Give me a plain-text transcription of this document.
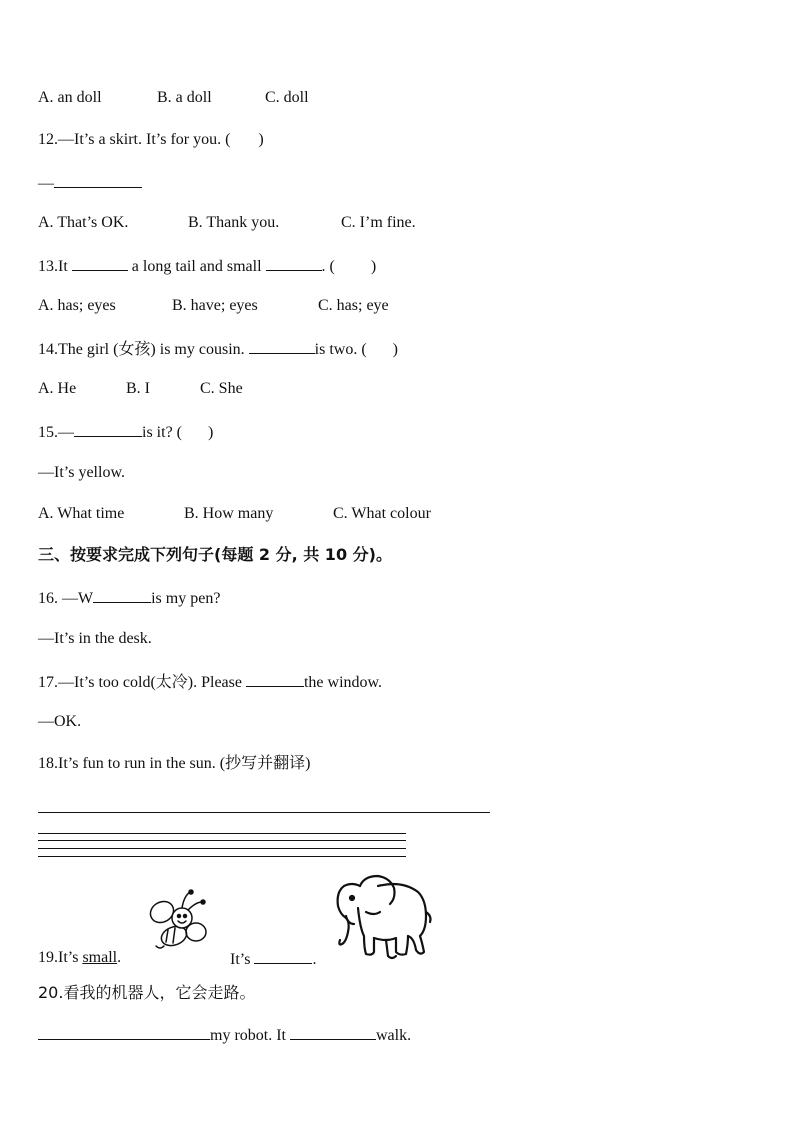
A. an doll	B. a doll	C. doll
12.—It’s a skirt. It’s for you. ( )
—
A. That’s OK.	B. Thank you.	C. I’m fine.
13.It	a long tail and small	. ( )
A. has; eyes	B. have; eyes	C. has; eye
14.The girl (女孩) is my cousin.	is two. ( )
A. He	B. I	C. She
15.—	is it? ( )
—It’s yellow.
A. What time	B. How many	C. What colour
三、按要求完成下列句子(每题 2 分, 共 10 分)。
16. —W	is my pen?
—It’s in the desk.
17.—It’s too cold(太冷). Please	the window.
—OK.
18.It’s fun to run in the sun. (抄写并翻译)
19.It’s small.	It’s	.
20.看我的机器人，它会走路。
my robot. It	walk.
